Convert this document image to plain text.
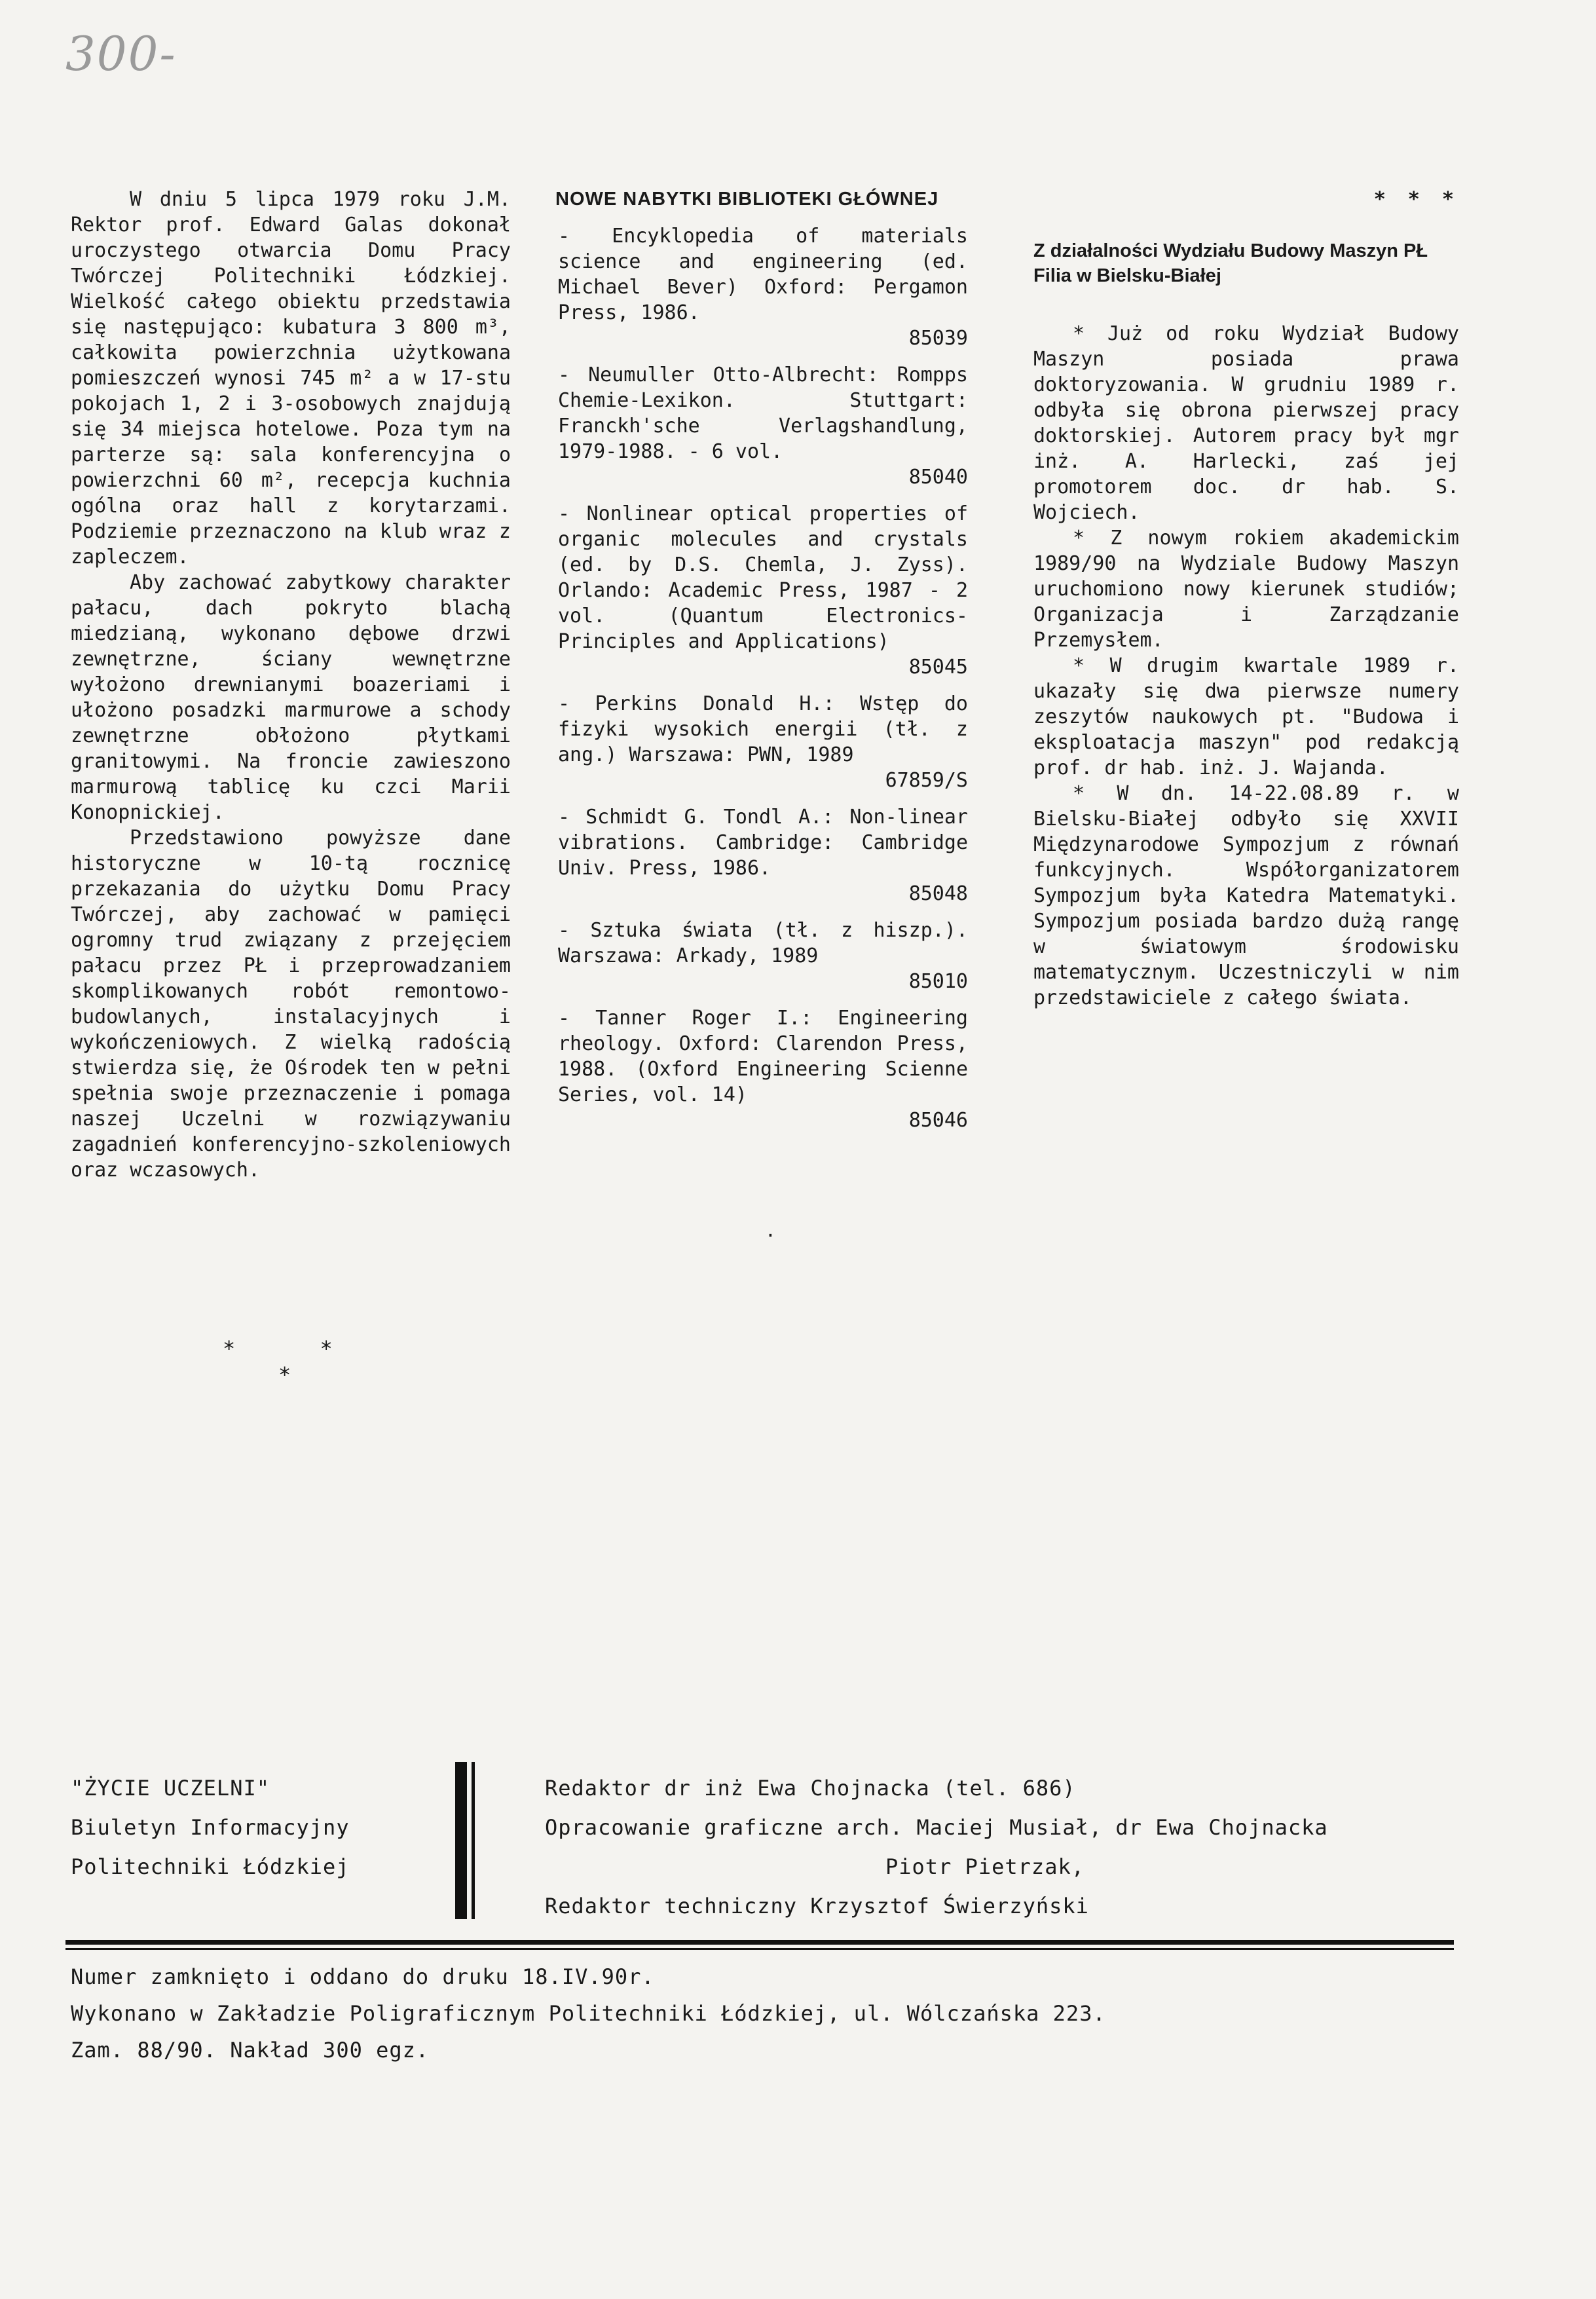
300-

W dniu 5 lipca 1979 roku J.M. Rektor prof. Edward Galas dokonał uroczystego otwarcia Domu Pracy Twórczej Politechniki Łódzkiej. Wielkość całego obiektu przedstawia się następująco: kubatura 3 800 m³, całkowita powierzchnia użytkowana pomieszczeń wynosi 745 m² a w 17-stu pokojach 1, 2 i 3-osobowych znajdują się 34 miejsca hotelowe. Poza tym na parterze są: sala konferencyjna o powierzchni 60 m², recepcja kuchnia ogólna oraz hall z korytarzami. Podziemie przeznaczono na klub wraz z zapleczem.

Aby zachować zabytkowy charakter pałacu, dach pokryto blachą miedzianą, wykonano dębowe drzwi zewnętrzne, ściany wewnętrzne wyłożono drewnianymi boazeriami i ułożono posadzki marmurowe a schody zewnętrzne obłożono płytkami granitowymi. Na froncie zawieszono marmurową tablicę ku czci Marii Konopnickiej.

Przedstawiono powyższe dane historyczne w 10-tą rocznicę przekazania do użytku Domu Pracy Twórczej, aby zachować w pamięci ogromny trud związany z przejęciem pałacu przez PŁ i przeprowadzaniem skomplikowanych robót remontowo-budowlanych, instalacyjnych i wykończeniowych. Z wielką radością stwierdza się, że Ośrodek ten w pełni spełnia swoje przeznaczenie i pomaga naszej Uczelni w rozwiązywaniu zagadnień konferencyjno-szkoleniowych oraz wczasowych.

* *
*
NOWE NABYTKI BIBLIOTEKI GŁÓWNEJ
- Encyklopedia of materials science and engineering (ed. Michael Bever) Oxford: Pergamon Press, 1986.
85039
- Neumuller Otto-Albrecht: Rompps Chemie-Lexikon. Stuttgart: Franckh'sche Verlagshandlung, 1979-1988. - 6 vol.
85040
- Nonlinear optical properties of organic molecules and crystals (ed. by D.S. Chemla, J. Zyss). Orlando: Academic Press, 1987 - 2 vol. (Quantum Electronics-Principles and Applications)
85045
- Perkins Donald H.: Wstęp do fizyki wysokich energii (tł. z ang.) Warszawa: PWN, 1989
67859/S
- Schmidt G. Tondl A.: Non-linear vibrations. Cambridge: Cambridge Univ. Press, 1986.
85048
- Sztuka świata (tł. z hiszp.). Warszawa: Arkady, 1989
85010
- Tanner Roger I.: Engineering rheology. Oxford: Clarendon Press, 1988. (Oxford Engineering Scienne Series, vol. 14)
85046
.
* * *
Z działalności Wydziału Budowy Maszyn PŁ Filia w Bielsku-Białej

* Już od roku Wydział Budowy Maszyn posiada prawa doktoryzowania. W grudniu 1989 r. odbyła się obrona pierwszej pracy doktorskiej. Autorem pracy był mgr inż. A. Harlecki, zaś jej promotorem doc. dr hab. S. Wojciech.

* Z nowym rokiem akademickim 1989/90 na Wydziale Budowy Maszyn uruchomiono nowy kierunek studiów; Organizacja i Zarządzanie Przemysłem.

* W drugim kwartale 1989 r. ukazały się dwa pierwsze numery zeszytów naukowych pt. "Budowa i eksploatacja maszyn" pod redakcją prof. dr hab. inż. J. Wajanda.

* W dn. 14-22.08.89 r. w Bielsku-Białej odbyło się XXVII Międzynarodowe Sympozjum z równań funkcyjnych. Współorganizatorem Sympozjum była Katedra Matematyki. Sympozjum posiada bardzo dużą rangę w światowym środowisku matematycznym. Uczestniczyli w nim przedstawiciele z całego świata.

"ŻYCIE UCZELNI"
Biuletyn Informacyjny
Politechniki Łódzkiej
Redaktor dr inż Ewa Chojnacka (tel. 686)
Opracowanie graficzne arch. Maciej Musiał, dr Ewa Chojnacka
Piotr Pietrzak,
Redaktor techniczny Krzysztof Świerzyński
Numer zamknięto i oddano do druku 18.IV.90r.
Wykonano w Zakładzie Poligraficznym Politechniki Łódzkiej, ul. Wólczańska 223.
Zam. 88/90. Nakład 300 egz.
